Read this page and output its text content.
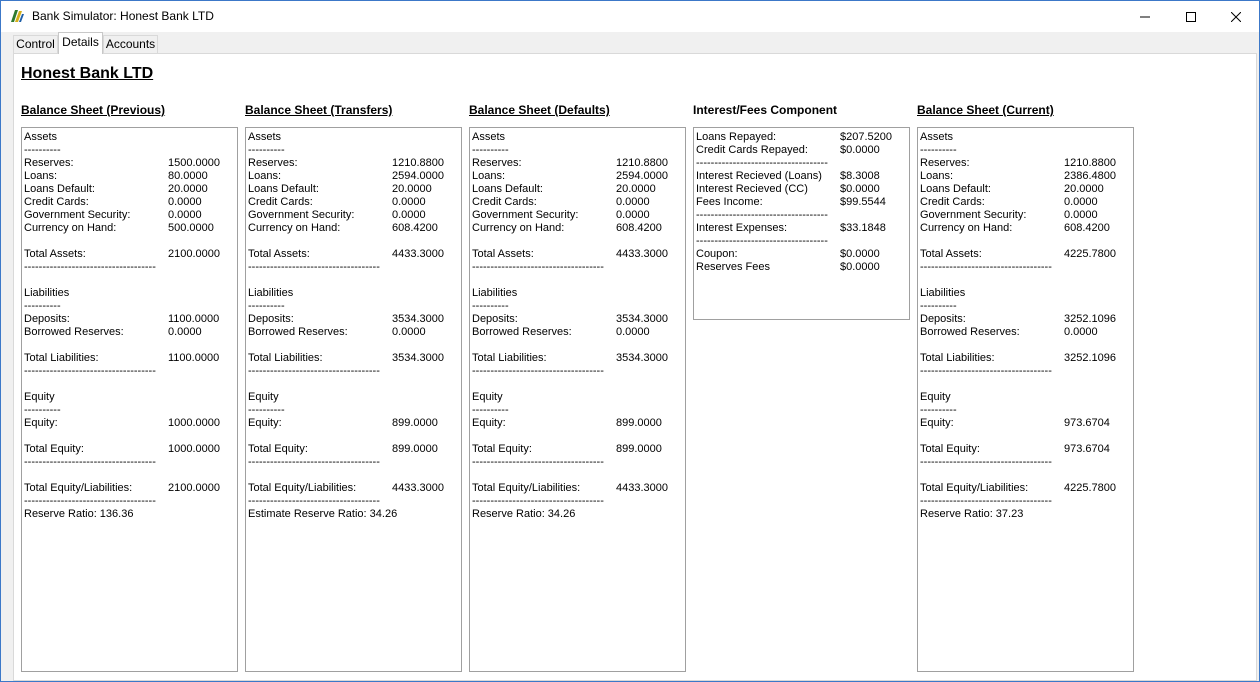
Bank Simulator: Honest Bank LTD
Control Details Accounts
Honest Bank LTD
Balance Sheet (Previous)	Balance Sheet (Transfers)	Balance Sheet (Defaults)	Interest/Fees Component	Balance Sheet (Current)
Assets
----------
Reserves:	1500.0000
Loans:	80.0000
Loans Default:	20.0000
Credit Cards:	0.0000
Government Security:	0.0000
Currency on Hand:	500.0000
Total Assets:	2100.0000
------------------------------------
Liabilities
----------
Deposits:	1100.0000
Borrowed Reserves:	0.0000
Total Liabilities:	1100.0000
------------------------------------
Equity
----------
Equity:	1000.0000
Total Equity:	1000.0000
------------------------------------
Total Equity/Liabilities:	2100.0000
------------------------------------
Reserve Ratio: 136.36
Assets
----------
Reserves:	1210.8800
Loans:	2594.0000
Loans Default:	20.0000
Credit Cards:	0.0000
Government Security:	0.0000
Currency on Hand:	608.4200
Total Assets:	4433.3000
------------------------------------
Liabilities
----------
Deposits:	3534.3000
Borrowed Reserves:	0.0000
Total Liabilities:	3534.3000
------------------------------------
Equity
----------
Equity:	899.0000
Total Equity:	899.0000
------------------------------------
Total Equity/Liabilities:	4433.3000
------------------------------------
Estimate Reserve Ratio: 34.26
Assets
----------
Reserves:	1210.8800
Loans:	2594.0000
Loans Default:	20.0000
Credit Cards:	0.0000
Government Security:	0.0000
Currency on Hand:	608.4200
Total Assets:	4433.3000
------------------------------------
Liabilities
----------
Deposits:	3534.3000
Borrowed Reserves:	0.0000
Total Liabilities:	3534.3000
------------------------------------
Equity
----------
Equity:	899.0000
Total Equity:	899.0000
------------------------------------
Total Equity/Liabilities:	4433.3000
------------------------------------
Reserve Ratio: 34.26
Assets
----------
Reserves:	1210.8800
Loans:	2386.4800
Loans Default:	20.0000
Credit Cards:	0.0000
Government Security:	0.0000
Currency on Hand:	608.4200
Total Assets:	4225.7800
------------------------------------
Liabilities
----------
Deposits:	3252.1096
Borrowed Reserves:	0.0000
Total Liabilities:	3252.1096
------------------------------------
Equity
----------
Equity:	973.6704
Total Equity:	973.6704
------------------------------------
Total Equity/Liabilities:	4225.7800
------------------------------------
Reserve Ratio: 37.23
Loans Repayed:	$207.5200
Credit Cards Repayed:	$0.0000
------------------------------------
Interest Recieved (Loans) $8.3008
Interest Recieved (CC)	$0.0000
Fees Income:	$99.5544
------------------------------------
Interest Expenses:	$33.1848
------------------------------------
Coupon:	$0.0000
Reserves Fees	$0.0000
